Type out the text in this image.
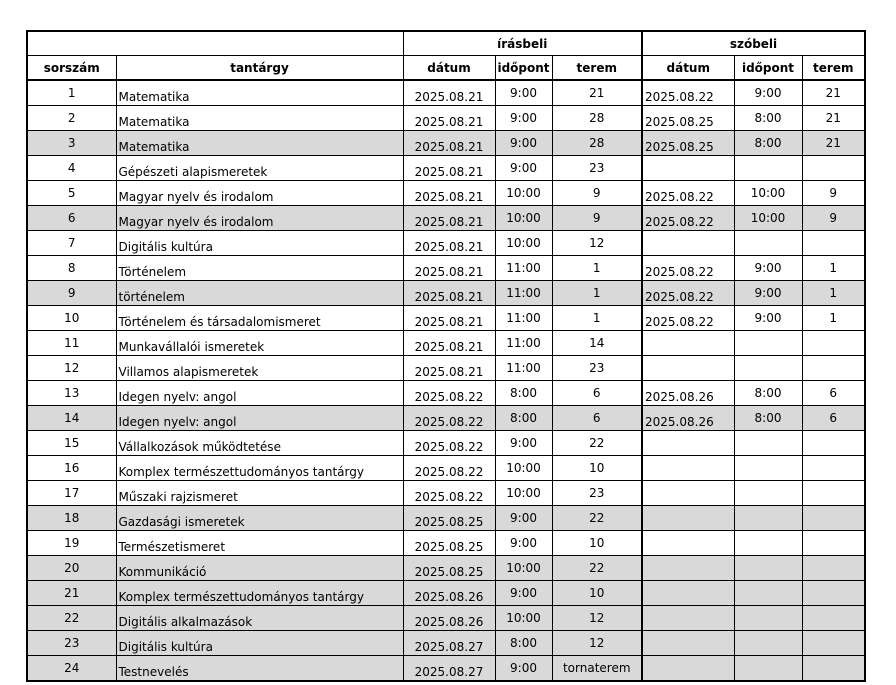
		írásbeli			szóbeli		
sorszám	tantárgy	dátum	időpont	terem	dátum	időpont	terem
1	Matematika	2025.08.21	9:00	21	2025.08.22	9:00	21
2	Matematika	2025.08.21	9:00	28	2025.08.25	8:00	21
3	Matematika	2025.08.21	9:00	28	2025.08.25	8:00	21
4	Gépészeti alapismeretek	2025.08.21	9:00	23			
5	Magyar nyelv és irodalom	2025.08.21	10:00	9	2025.08.22	10:00	9
6	Magyar nyelv és irodalom	2025.08.21	10:00	9	2025.08.22	10:00	9
7	Digitális kultúra	2025.08.21	10:00	12			
8	Történelem	2025.08.21	11:00	1	2025.08.22	9:00	1
9	történelem	2025.08.21	11:00	1	2025.08.22	9:00	1
10	Történelem és társadalomismeret	2025.08.21	11:00	1	2025.08.22	9:00	1
11	Munkavállalói ismeretek	2025.08.21	11:00	14			
12	Villamos alapismeretek	2025.08.21	11:00	23			
13	Idegen nyelv: angol	2025.08.22	8:00	6	2025.08.26	8:00	6
14	Idegen nyelv: angol	2025.08.22	8:00	6	2025.08.26	8:00	6
15	Vállalkozások működtetése	2025.08.22	9:00	22			
16	Komplex természettudományos tantárgy	2025.08.22	10:00	10			
17	Műszaki rajzismeret	2025.08.22	10:00	23			
18	Gazdasági ismeretek	2025.08.25	9:00	22			
19	Természetismeret	2025.08.25	9:00	10			
20	Kommunikáció	2025.08.25	10:00	22			
21	Komplex természettudományos tantárgy	2025.08.26	9:00	10			
22	Digitális alkalmazások	2025.08.26	10:00	12			
23	Digitális kultúra	2025.08.27	8:00	12			
24	Testnevelés	2025.08.27	9:00	tornaterem			
